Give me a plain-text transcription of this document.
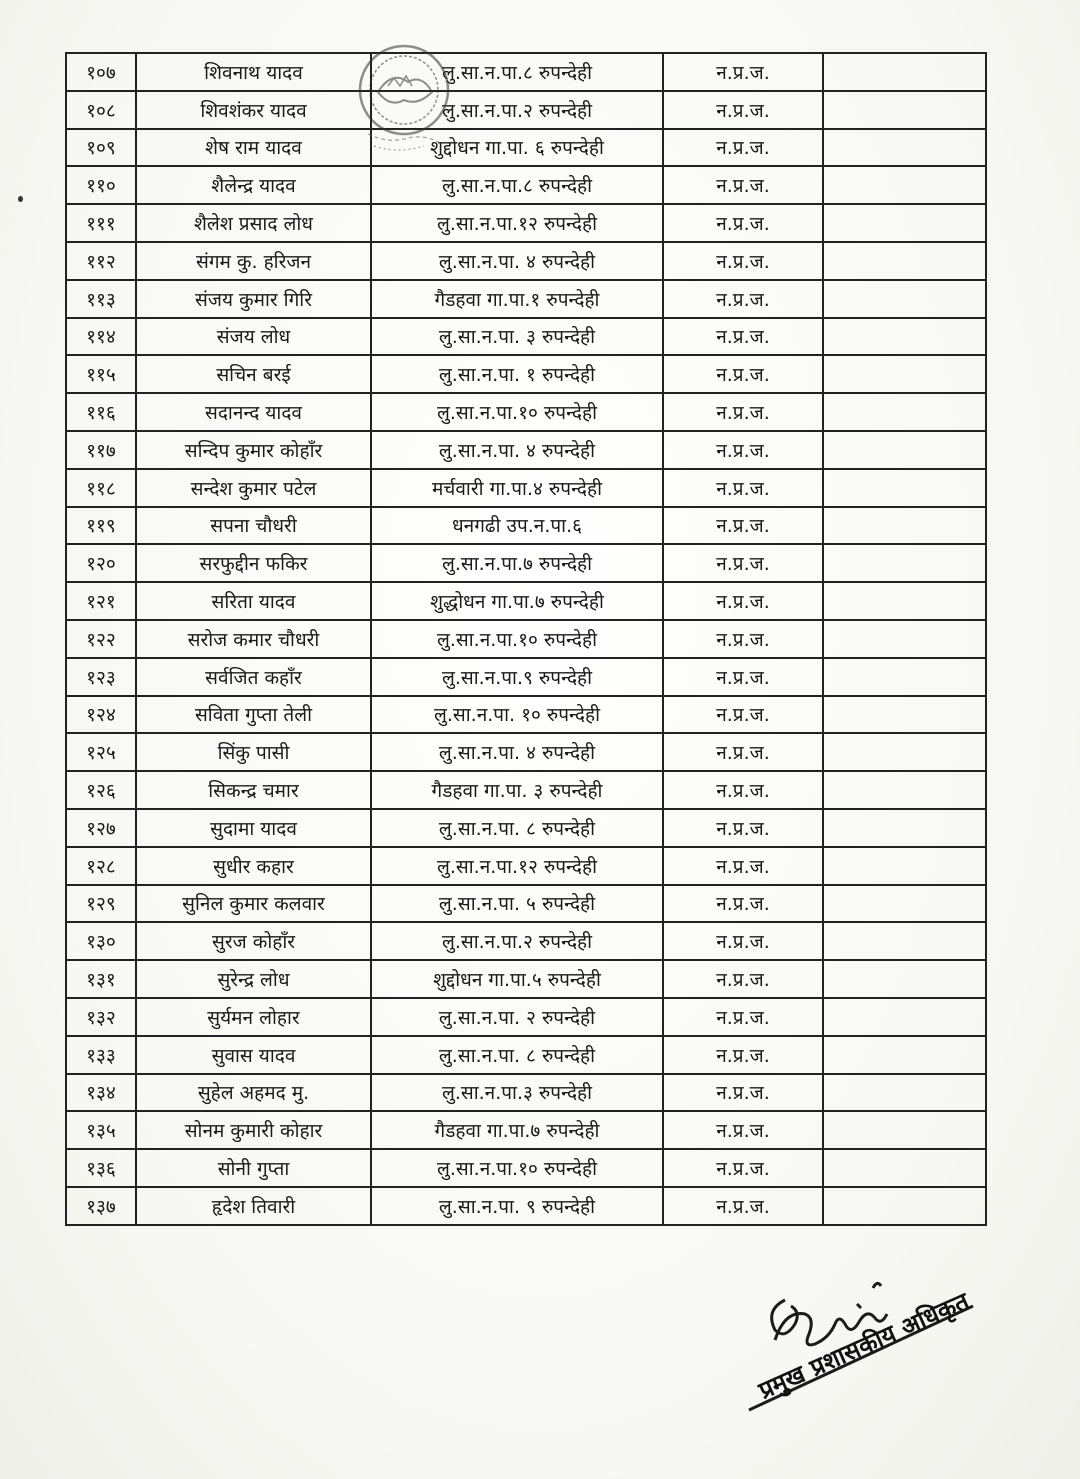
१०७	शिवनाथ यादव	लु.सा.न.पा.८ रुपन्देही	न.प्र.ज.	
१०८	शिवशंकर यादव	लु.सा.न.पा.२ रुपन्देही	न.प्र.ज.	
१०९	शेष राम यादव	शुद्दोधन गा.पा. ६ रुपन्देही	न.प्र.ज.	
११०	शैलेन्द्र यादव	लु.सा.न.पा.८ रुपन्देही	न.प्र.ज.	
१११	शैलेश प्रसाद लोध	लु.सा.न.पा.१२ रुपन्देही	न.प्र.ज.	
११२	संगम कु. हरिजन	लु.सा.न.पा. ४ रुपन्देही	न.प्र.ज.	
११३	संजय कुमार गिरि	गैडहवा गा.पा.१ रुपन्देही	न.प्र.ज.	
११४	संजय लोध	लु.सा.न.पा. ३ रुपन्देही	न.प्र.ज.	
११५	सचिन बरई	लु.सा.न.पा. १ रुपन्देही	न.प्र.ज.	
११६	सदानन्द यादव	लु.सा.न.पा.१० रुपन्देही	न.प्र.ज.	
११७	सन्दिप कुमार कोहाँर	लु.सा.न.पा. ४ रुपन्देही	न.प्र.ज.	
११८	सन्देश कुमार पटेल	मर्चवारी गा.पा.४ रुपन्देही	न.प्र.ज.	
११९	सपना चौधरी	धनगढी उप.न.पा.६	न.प्र.ज.	
१२०	सरफुद्दीन फकिर	लु.सा.न.पा.७ रुपन्देही	न.प्र.ज.	
१२१	सरिता यादव	शुद्धोधन गा.पा.७ रुपन्देही	न.प्र.ज.	
१२२	सरोज कमार चौधरी	लु.सा.न.पा.१० रुपन्देही	न.प्र.ज.	
१२३	सर्वजित कहाँर	लु.सा.न.पा.९ रुपन्देही	न.प्र.ज.	
१२४	सविता गुप्ता तेली	लु.सा.न.पा. १० रुपन्देही	न.प्र.ज.	
१२५	सिंकु पासी	लु.सा.न.पा. ४ रुपन्देही	न.प्र.ज.	
१२६	सिकन्द्र चमार	गैडहवा गा.पा. ३ रुपन्देही	न.प्र.ज.	
१२७	सुदामा यादव	लु.सा.न.पा. ८ रुपन्देही	न.प्र.ज.	
१२८	सुधीर कहार	लु.सा.न.पा.१२ रुपन्देही	न.प्र.ज.	
१२९	सुनिल कुमार कलवार	लु.सा.न.पा. ५ रुपन्देही	न.प्र.ज.	
१३०	सुरज कोहाँर	लु.सा.न.पा.२ रुपन्देही	न.प्र.ज.	
१३१	सुरेन्द्र लोध	शुद्दोधन गा.पा.५ रुपन्देही	न.प्र.ज.	
१३२	सुर्यमन लोहार	लु.सा.न.पा. २ रुपन्देही	न.प्र.ज.	
१३३	सुवास यादव	लु.सा.न.पा. ८ रुपन्देही	न.प्र.ज.	
१३४	सुहेल अहमद मु.	लु.सा.न.पा.३ रुपन्देही	न.प्र.ज.	
१३५	सोनम कुमारी कोहार	गैडहवा गा.पा.७ रुपन्देही	न.प्र.ज.	
१३६	सोनी गुप्ता	लु.सा.न.पा.१० रुपन्देही	न.प्र.ज.	
१३७	हृदेश तिवारी	लु.सा.न.पा. ९ रुपन्देही	न.प्र.ज.	
प्रमुख प्रशासकीय अधिकृत
